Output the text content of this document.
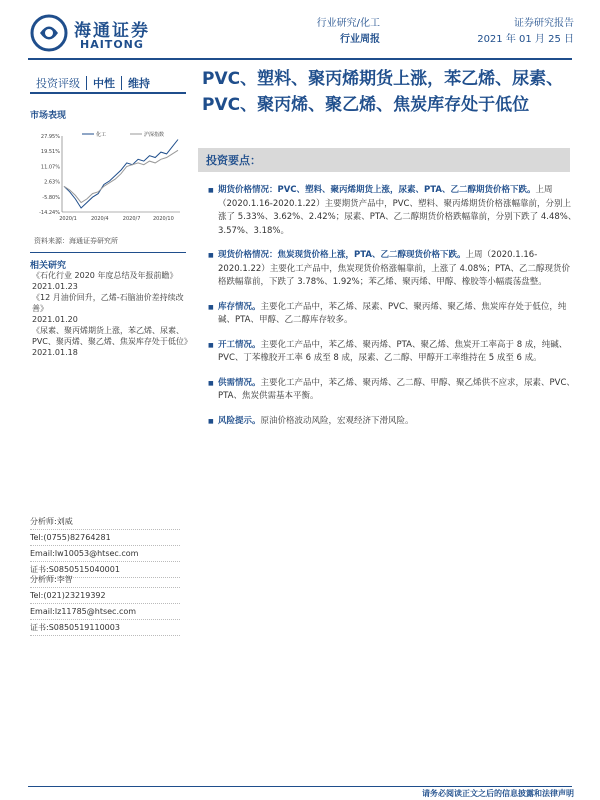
海通证券
HAITONG
行业研究/化工
行业周报
证券研究报告
2021 年 01 月 25 日
投资评级	中性	维持	PVC、塑料、聚丙烯期货上涨，苯乙烯、尿素、PVC、聚丙烯、聚乙烯、焦炭库存处于低位
市场表现
27.95%
19.51%
11.07%
2.63%
-5.80%
-14.24%
2020/1	2020/4	2020/7	2020/10
化工	沪深指数
资料来源：海通证券研究所
相关研究
《石化行业 2020 年度总结及年报前瞻》
2021.01.23
《12 月油价回升，乙烯-石脑油价差持续改善》
2021.01.20
《尿素、聚丙烯期货上涨，苯乙烯、尿素、PVC、聚丙烯、聚乙烯、焦炭库存处于低位》
2021.01.18
投资要点：
■ 期货价格情况：PVC、塑料、聚丙烯期货上涨，尿素、PTA、乙二醇期货价格下跌。上周（2020.1.16-2020.1.22）主要期货产品中，PVC、塑料、聚丙烯期货价格涨幅靠前，分别上涨了 5.33%、3.62%、2.42%；尿素、PTA、乙二醇期货价格跌幅靠前，分别下跌了 4.48%、3.57%、3.18%。
■ 现货价格情况：焦炭现货价格上涨，PTA、乙二醇现货价格下跌。上周（2020.1.16-2020.1.22）主要化工产品中，焦炭现货价格涨幅靠前，上涨了 4.08%；PTA、乙二醇现货价格跌幅靠前，下跌了 3.78%、1.92%；苯乙烯、聚丙烯、甲醇、橡胶等小幅震荡盘整。
■ 库存情况。主要化工产品中，苯乙烯、尿素、PVC、聚丙烯、聚乙烯、焦炭库存处于低位，纯碱、PTA、甲醇、乙二醇库存较多。
■ 开工情况。主要化工产品中，苯乙烯、聚丙烯、PTA、聚乙烯、焦炭开工率高于 8 成，纯碱、PVC、丁苯橡胶开工率 6 成至 8 成，尿素、乙二醇、甲醇开工率维持在 5 成至 6 成。
■ 供需情况。主要化工产品中，苯乙烯、聚丙烯、乙二醇、甲醇、聚乙烯供不应求，尿素、PVC、PTA、焦炭供需基本平衡。
■ 风险提示。原油价格波动风险，宏观经济下滑风险。
分析师:刘威
Tel:(0755)82764281
Email:lw10053@htsec.com
证书:S0850515040001
分析师:李智
Tel:(021)23219392
Email:lz11785@htsec.com
证书:S0850519110003
请务必阅读正文之后的信息披露和法律声明
